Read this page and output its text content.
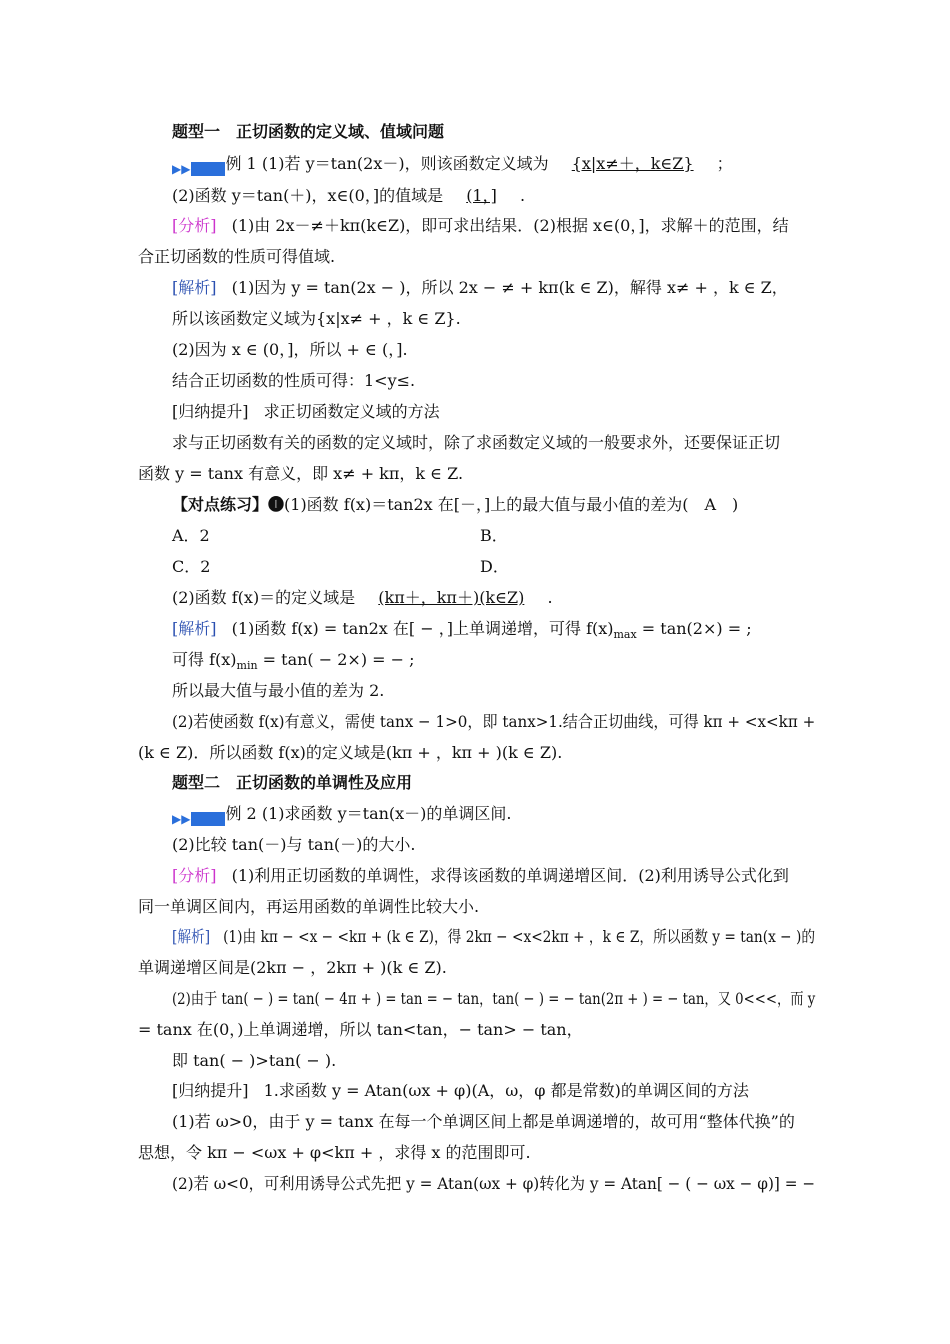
题型一　正切函数的定义域、值域问题
▶▶ 例 1 (1)若 y＝tan(2x－)，则该函数定义域为 {x|x≠＋，k∈Z} ；
(2)函数 y＝tan(＋)，x∈(0，]的值域是 (1，] .
[分析] (1)由 2x－≠＋kπ(k∈Z)，即可求出结果．(2)根据 x∈(0，]，求解＋的范围，结
合正切函数的性质可得值域.
[解析] (1)因为 y = tan(2x − )，所以 2x − ≠ + kπ(k ∈ Z)，解得 x≠ + ，k ∈ Z，
所以该函数定义域为{x|x≠ + ，k ∈ Z}.
(2)因为 x ∈ (0，]，所以 + ∈ (，].
结合正切函数的性质可得：1<y≤.
[归纳提升] 求正切函数定义域的方法
求与正切函数有关的函数的定义域时，除了求函数定义域的一般要求外，还要保证正切
函数 y = tanx 有意义，即 x≠ + kπ，k ∈ Z.
【对点练习】❶(1)函数 f(x)＝tan2x 在[－，]上的最大值与最小值的差为(　A　)
A．2	B．
C．2	D．
(2)函数 f(x)＝的定义域是 (kπ＋，kπ＋)(k∈Z) .
[解析] (1)函数 f(x) = tan2x 在[ − ，]上单调递增，可得 $f(x)_{max} = \tan(2\times)$ = ;
可得 $f(x)_{min} = \tan( - 2\times)$ = − ;
所以最大值与最小值的差为 2.
(2)若使函数 f(x)有意义，需使 tanx − 1>0，即 tanx>1.结合正切曲线，可得 kπ + <x<kπ +
(k ∈ Z)．所以函数 f(x)的定义域是(kπ + ，kπ + )(k ∈ Z).
题型二　正切函数的单调性及应用
▶▶ 例 2 (1)求函数 y＝tan(x－)的单调区间.
(2)比较 tan(－)与 tan(－)的大小.
[分析] (1)利用正切函数的单调性，求得该函数的单调递增区间．(2)利用诱导公式化到
同一单调区间内，再运用函数的单调性比较大小.
[解析] (1)由 kπ − <x − <kπ + (k ∈ Z)，得 2kπ − <x<2kπ + ，k ∈ Z，所以函数 y = tan(x − )的
单调递增区间是(2kπ − ，2kπ + )(k ∈ Z).
(2)由于 tan( − ) = tan( − 4π + ) = tan = − tan，tan( − ) = − tan(2π + ) = − tan，又 0<<<，而 y
= tanx 在(0，)上单调递增，所以 tan<tan，− tan> − tan，
即 tan( − )>tan( − ).
[归纳提升] 1.求函数 y = Atan(ωx + φ)(A，ω，φ 都是常数)的单调区间的方法
(1)若 ω>0，由于 y = tanx 在每一个单调区间上都是单调递增的，故可用“整体代换”的
思想，令 kπ − <ωx + φ<kπ + ，求得 x 的范围即可.
(2)若 ω<0，可利用诱导公式先把 y = Atan(ωx + φ)转化为 y = Atan[ − ( − ωx − φ)] = −
